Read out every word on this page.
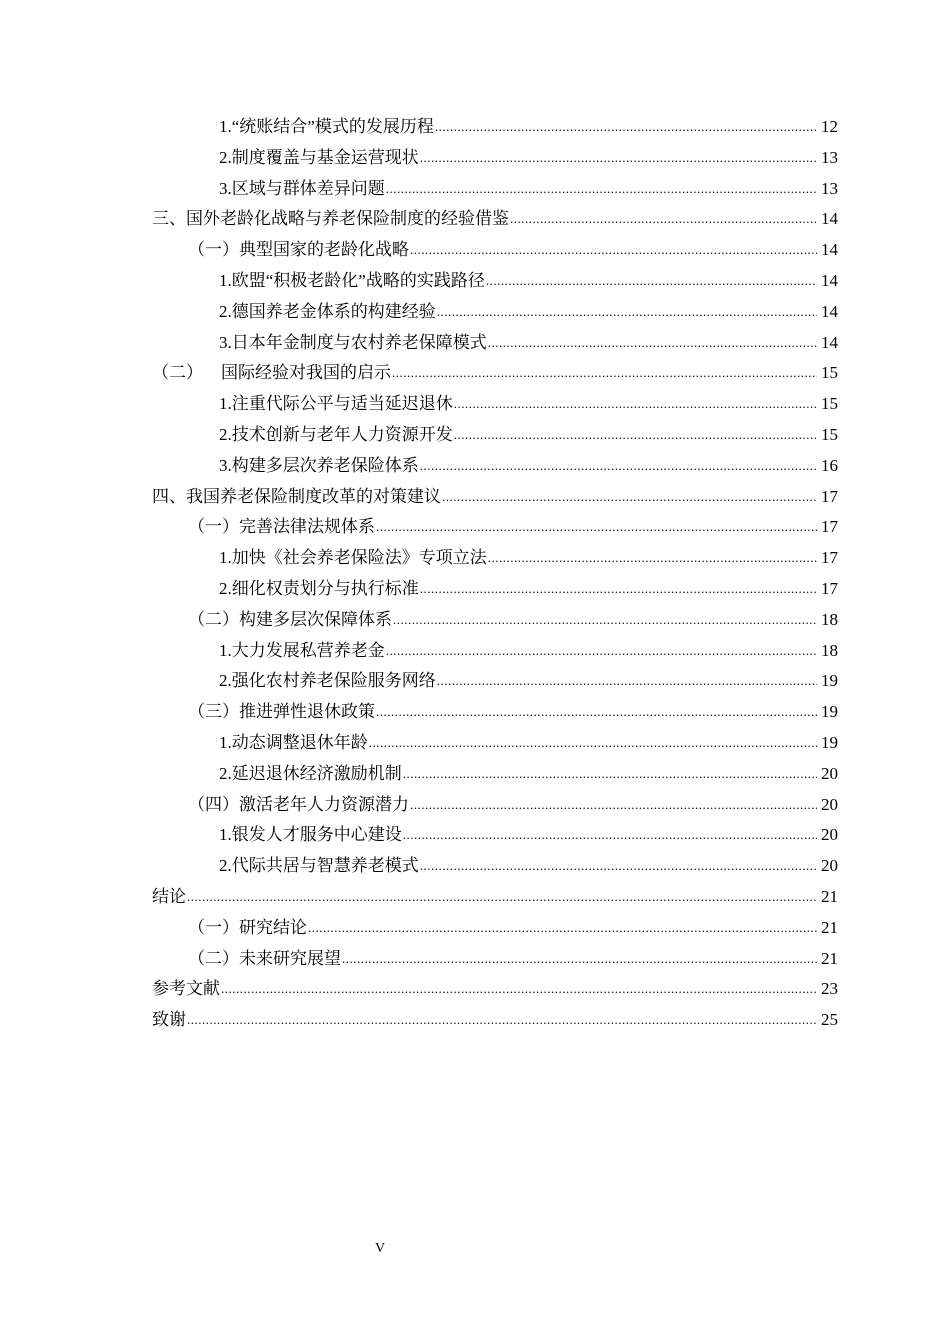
1.“统账结合”模式的发展历程 .....	12
2.制度覆盖与基金运营现状 .....	13
3.区域与群体差异问题 .....	13
三、国外老龄化战略与养老保险制度的经验借鉴 .....	14
（一）典型国家的老龄化战略 .....	14
1.欧盟“积极老龄化”战略的实践路径 .....	14
2.德国养老金体系的构建经验 .....	14
3.日本年金制度与农村养老保障模式 .....	14
（二） 国际经验对我国的启示 .....	15
1.注重代际公平与适当延迟退休 .....	15
2.技术创新与老年人力资源开发 .....	15
3.构建多层次养老保险体系 .....	16
四、我国养老保险制度改革的对策建议 .....	17
（一）完善法律法规体系 .....	17
1.加快《社会养老保险法》专项立法 .....	17
2.细化权责划分与执行标准 .....	17
（二）构建多层次保障体系 .....	18
1.大力发展私营养老金 .....	18
2.强化农村养老保险服务网络 .....	19
（三）推进弹性退休政策 .....	19
1.动态调整退休年龄 .....	19
2.延迟退休经济激励机制 .....	20
（四）激活老年人力资源潜力 .....	20
1.银发人才服务中心建设 .....	20
2.代际共居与智慧养老模式 .....	20
结论 .....	21
（一）研究结论 .....	21
（二）未来研究展望 .....	21
参考文献 .....	23
致谢 .....	25
V
